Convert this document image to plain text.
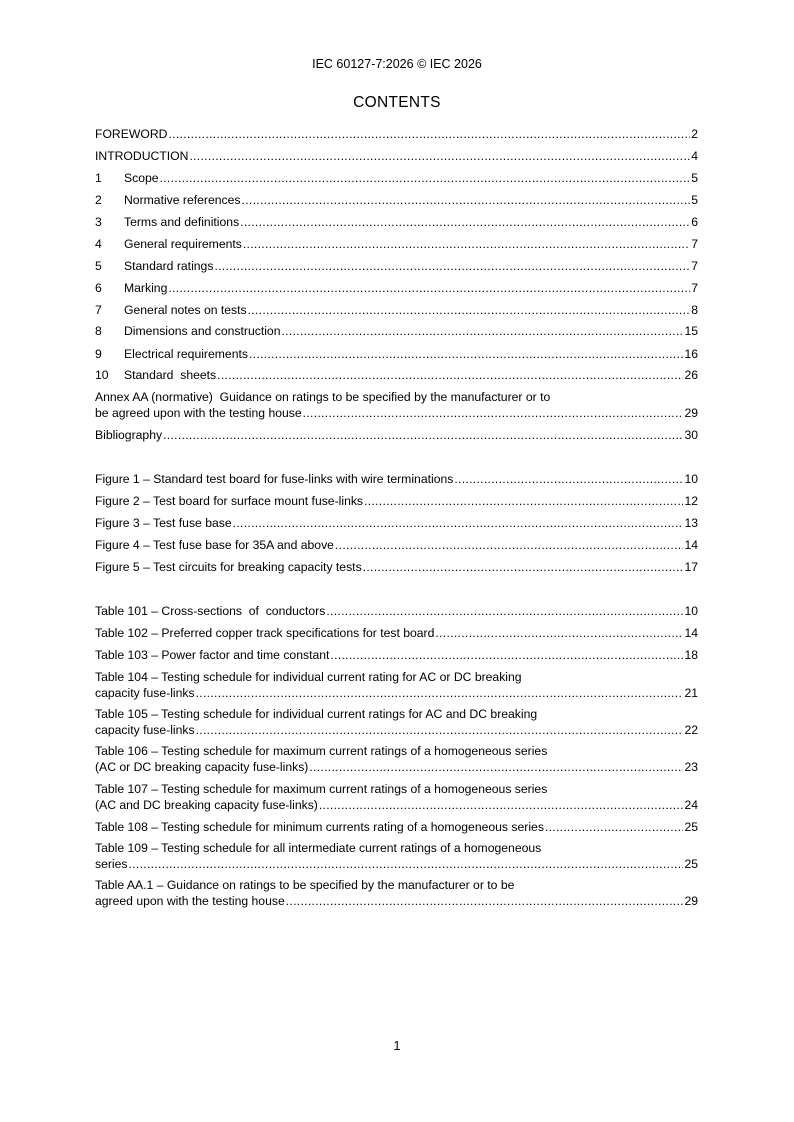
IEC 60127-7:2026 © IEC 2026
CONTENTS
FOREWORD .....	2
INTRODUCTION .....	4
1	Scope .....	5
2	Normative references .....	5
3	Terms and definitions .....	6
4	General requirements .....	7
5	Standard ratings .....	7
6	Marking .....	7
7	General notes on tests .....	8
8	Dimensions and construction .....	15
9	Electrical requirements .....	16
10	Standard  sheets .....	26
Annex AA (normative)  Guidance on ratings to be specified by the manufacturer or to
be agreed upon with the testing house .....	29
Bibliography .....	30
Figure 1 – Standard test board for fuse-links with wire terminations .....	10
Figure 2 – Test board for surface mount fuse-links .....	12
Figure 3 – Test fuse base .....	13
Figure 4 – Test fuse base for 35A and above .....	14
Figure 5 – Test circuits for breaking capacity tests .....	17
Table 101 – Cross-sections  of  conductors .....	10
Table 102 – Preferred copper track specifications for test board .....	14
Table 103 – Power factor and time constant .....	18
Table 104 – Testing schedule for individual current rating for AC or DC breaking
capacity fuse-links .....	21
Table 105 – Testing schedule for individual current ratings for AC and DC breaking
capacity fuse-links .....	22
Table 106 – Testing schedule for maximum current ratings of a homogeneous series
(AC or DC breaking capacity fuse-links) .....	23
Table 107 – Testing schedule for maximum current ratings of a homogeneous series
(AC and DC breaking capacity fuse-links) .....	24
Table 108 – Testing schedule for minimum currents rating of a homogeneous series .....	25
Table 109 – Testing schedule for all intermediate current ratings of a homogeneous
series .....	25
Table AA.1 – Guidance on ratings to be specified by the manufacturer or to be
agreed upon with the testing house .....	29
1
